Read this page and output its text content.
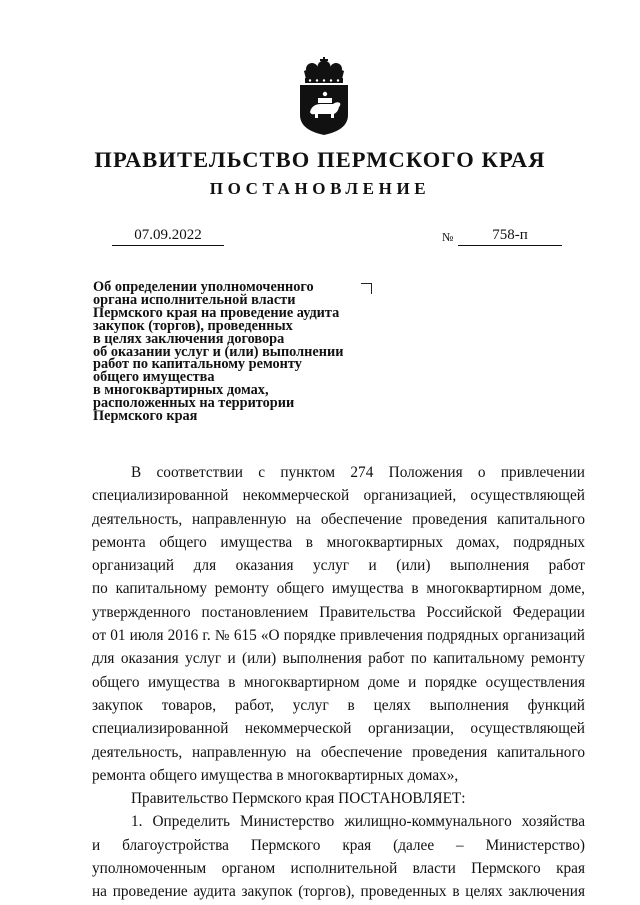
ПРАВИТЕЛЬСТВО ПЕРМСКОГО КРАЯ
ПОСТАНОВЛЕНИЕ
07.09.2022	№	758-п
Об определении уполномоченного
органа исполнительной власти
Пермского края на проведение аудита
закупок (торгов), проведенных
в целях заключения договора
об оказании услуг и (или) выполнении
работ по капитальному ремонту
общего имущества
в многоквартирных домах,
расположенных на территории
Пермского края
В соответствии с пунктом 274 Положения о привлечении
специализированной некоммерческой организацией, осуществляющей
деятельность, направленную на обеспечение проведения капитального
ремонта общего имущества в многоквартирных домах, подрядных
организаций для оказания услуг и (или) выполнения работ
по капитальному ремонту общего имущества в многоквартирном доме,
утвержденного постановлением Правительства Российской Федерации
от 01 июля 2016 г. № 615 «О порядке привлечения подрядных организаций
для оказания услуг и (или) выполнения работ по капитальному ремонту
общего имущества в многоквартирном доме и порядке осуществления
закупок товаров, работ, услуг в целях выполнения функций
специализированной некоммерческой организации, осуществляющей
деятельность, направленную на обеспечение проведения капитального
ремонта общего имущества в многоквартирных домах»,
Правительство Пермского края ПОСТАНОВЛЯЕТ:
1. Определить Министерство жилищно-коммунального хозяйства
и благоустройства Пермского края (далее – Министерство)
уполномоченным органом исполнительной власти Пермского края
на проведение аудита закупок (торгов), проведенных в целях заключения
